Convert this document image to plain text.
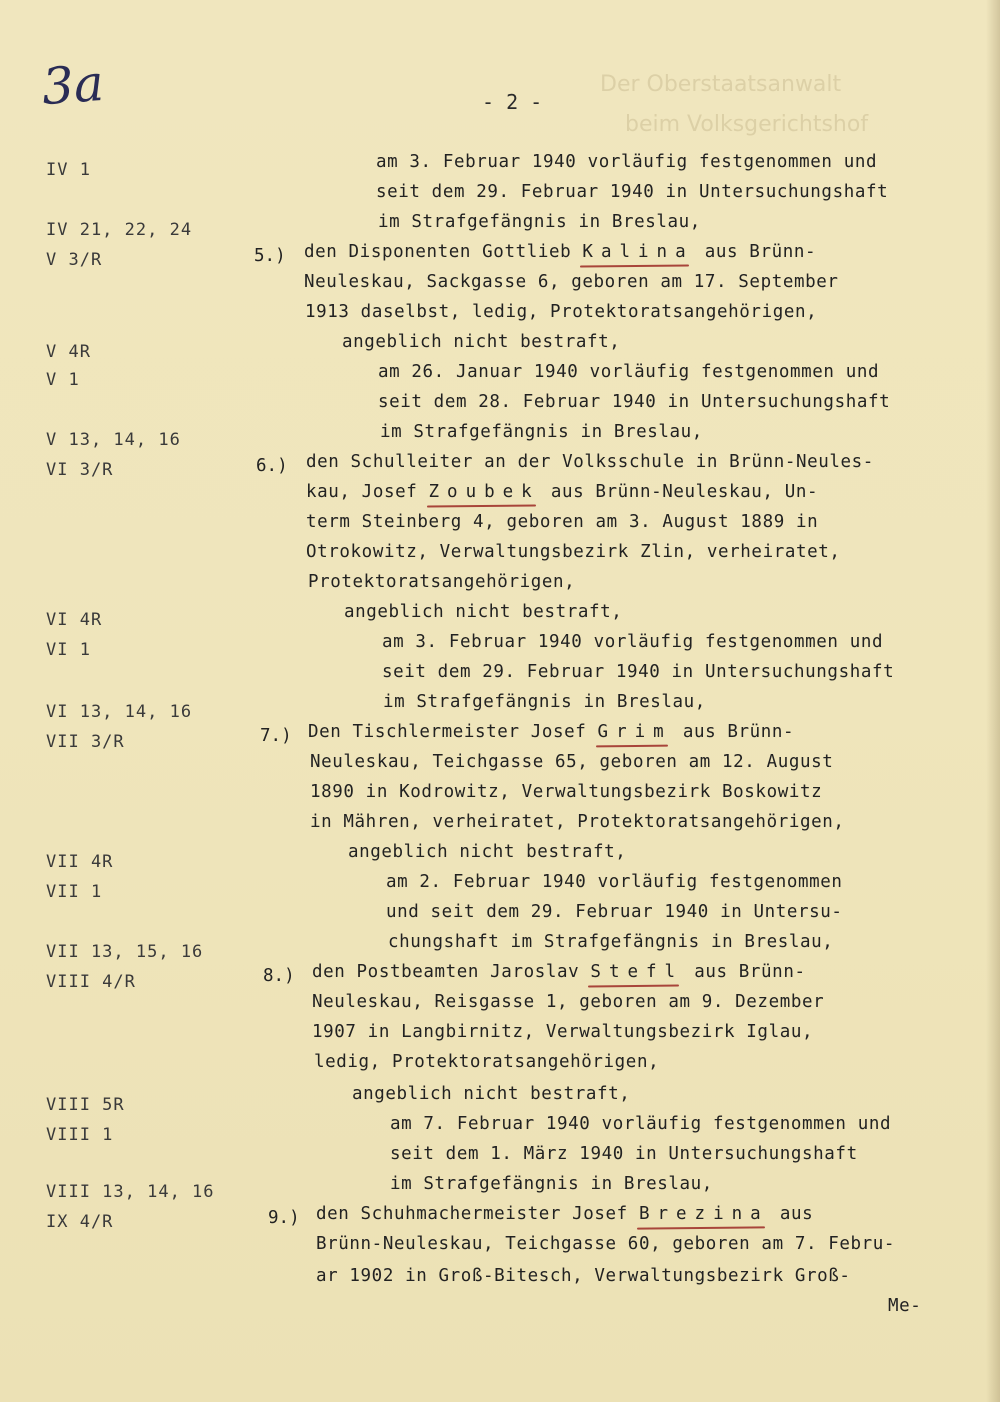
Der Oberstaatsanwalt
beim Volksgerichtshof
3a	- 2 -
IV 1
IV 21, 22, 24
V 3/R
V 4R
V 1
V 13, 14, 16
VI 3/R
VI 4R
VI 1
VI 13, 14, 16
VII 3/R
VII 4R
VII 1
VII 13, 15, 16
VIII 4/R
VIII 5R
VIII 1
VIII 13, 14, 16
IX 4/R
5.)
6.)
7.)
8.)
9.)
am 3. Februar 1940 vorläufig festgenommen und
seit dem 29. Februar 1940 in Untersuchungshaft
im Strafgefängnis in Breslau,
den Disponenten Gottlieb Kalina aus Brünn-
Neuleskau, Sackgasse 6, geboren am 17. September
1913 daselbst, ledig, Protektoratsangehörigen,
angeblich nicht bestraft,
am 26. Januar 1940 vorläufig festgenommen und
seit dem 28. Februar 1940 in Untersuchungshaft
im Strafgefängnis in Breslau,
den Schulleiter an der Volksschule in Brünn-Neules-
kau, Josef Zoubek aus Brünn-Neuleskau, Un-
term Steinberg 4, geboren am 3. August 1889 in
Otrokowitz, Verwaltungsbezirk Zlin, verheiratet,
Protektoratsangehörigen,
angeblich nicht bestraft,
am 3. Februar 1940 vorläufig festgenommen und
seit dem 29. Februar 1940 in Untersuchungshaft
im Strafgefängnis in Breslau,
Den Tischlermeister Josef Grim aus Brünn-
Neuleskau, Teichgasse 65, geboren am 12. August
1890 in Kodrowitz, Verwaltungsbezirk Boskowitz
in Mähren, verheiratet, Protektoratsangehörigen,
angeblich nicht bestraft,
am 2. Februar 1940 vorläufig festgenommen
und seit dem 29. Februar 1940 in Untersu-
chungshaft im Strafgefängnis in Breslau,
den Postbeamten Jaroslav Stefl aus Brünn-
Neuleskau, Reisgasse 1, geboren am 9. Dezember
1907 in Langbirnitz, Verwaltungsbezirk Iglau,
ledig, Protektoratsangehörigen,
angeblich nicht bestraft,
am 7. Februar 1940 vorläufig festgenommen und
seit dem 1. März 1940 in Untersuchungshaft
im Strafgefängnis in Breslau,
den Schuhmachermeister Josef Brezina aus
Brünn-Neuleskau, Teichgasse 60, geboren am 7. Febru-
ar 1902 in Groß-Bitesch, Verwaltungsbezirk Groß-
Me-
